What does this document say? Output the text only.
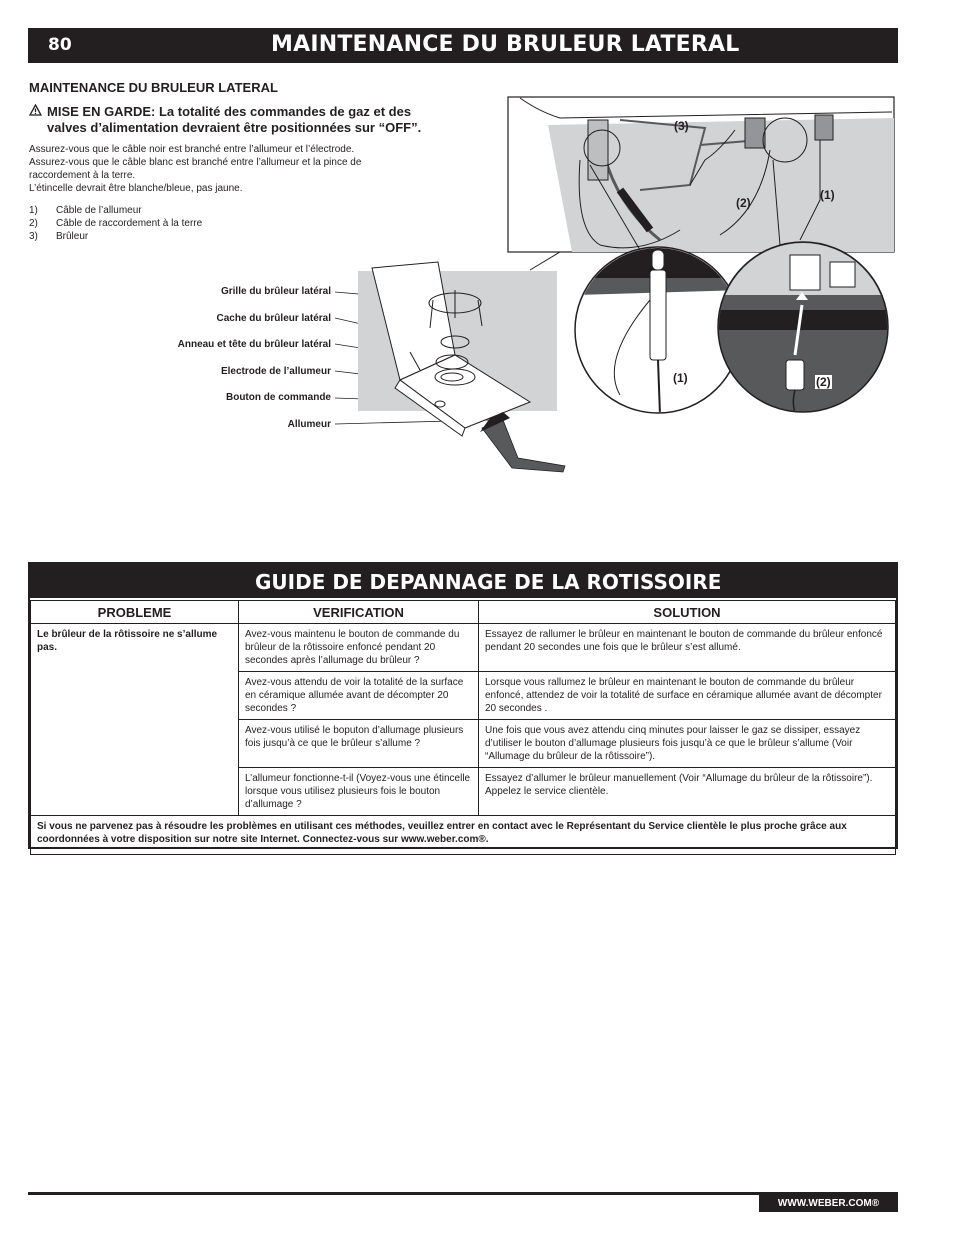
80	MAINTENANCE DU BRULEUR LATERAL
MAINTENANCE DU BRULEUR LATERAL
MISE EN GARDE: La totalité des commandes de gaz et des
valves d’alimentation devraient être positionnées sur “OFF”.
Assurez-vous que le câble noir est branché entre l’allumeur et l’électrode.
Assurez-vous que le câble blanc est branché entre l’allumeur et la pince de
raccordement à la terre.
L’étincelle devrait être blanche/bleue, pas jaune.
1)	Câble de l’allumeur
2)	Câble de raccordement à la terre
3)	Brûleur
Grille du brûleur latéral
Cache du brûleur latéral
Anneau et tête du brûleur latéral
Electrode de l’allumeur
Bouton de commande
Allumeur
(3)
(2)
(1)
(1)	(2)
GUIDE DE DEPANNAGE DE LA ROTISSOIRE
PROBLEME	VERIFICATION	SOLUTION
Le brûleur de la rôtissoire ne s’allume pas.	Avez-vous maintenu le bouton de commande du brûleur de la rôtissoire enfoncé pendant 20 secondes après l’allumage du brûleur ?	Essayez de rallumer le brûleur en maintenant le bouton de commande du brûleur enfoncé pendant 20 secondes une fois que le brûleur s’est allumé.
	Avez-vous attendu de voir la totalité de la surface en céramique allumée avant de décompter 20 secondes ?	Lorsque vous rallumez le brûleur en maintenant le bouton de commande du brûleur enfoncé, attendez de voir la totalité de surface en céramique allumée avant de décompter 20 secondes .
	Avez-vous utilisé le boputon d’allumage plusieurs fois jusqu’à ce que le brûleur s’allume ?	Une fois que vous avez attendu cinq minutes pour laisser le gaz se dissiper, essayez d’utiliser le bouton d’allumage plusieurs fois jusqu’à ce que le brûleur s’allume (Voir “Allumage du brûleur de la rôtissoire”).
	L’allumeur fonctionne-t-il (Voyez-vous une étincelle lorsque vous utilisez plusieurs fois le bouton d’allumage ?	Essayez d’allumer le brûleur manuellement (Voir “Allumage du brûleur de la rôtissoire”). Appelez le service clientèle.
Si vous ne parvenez pas à résoudre les problèmes en utilisant ces méthodes, veuillez entrer en contact avec le Représentant du Service clientèle le plus proche grâce aux coordonnées à votre disposition sur notre site Internet. Connectez-vous sur www.weber.com®.		
WWW.WEBER.COM®
